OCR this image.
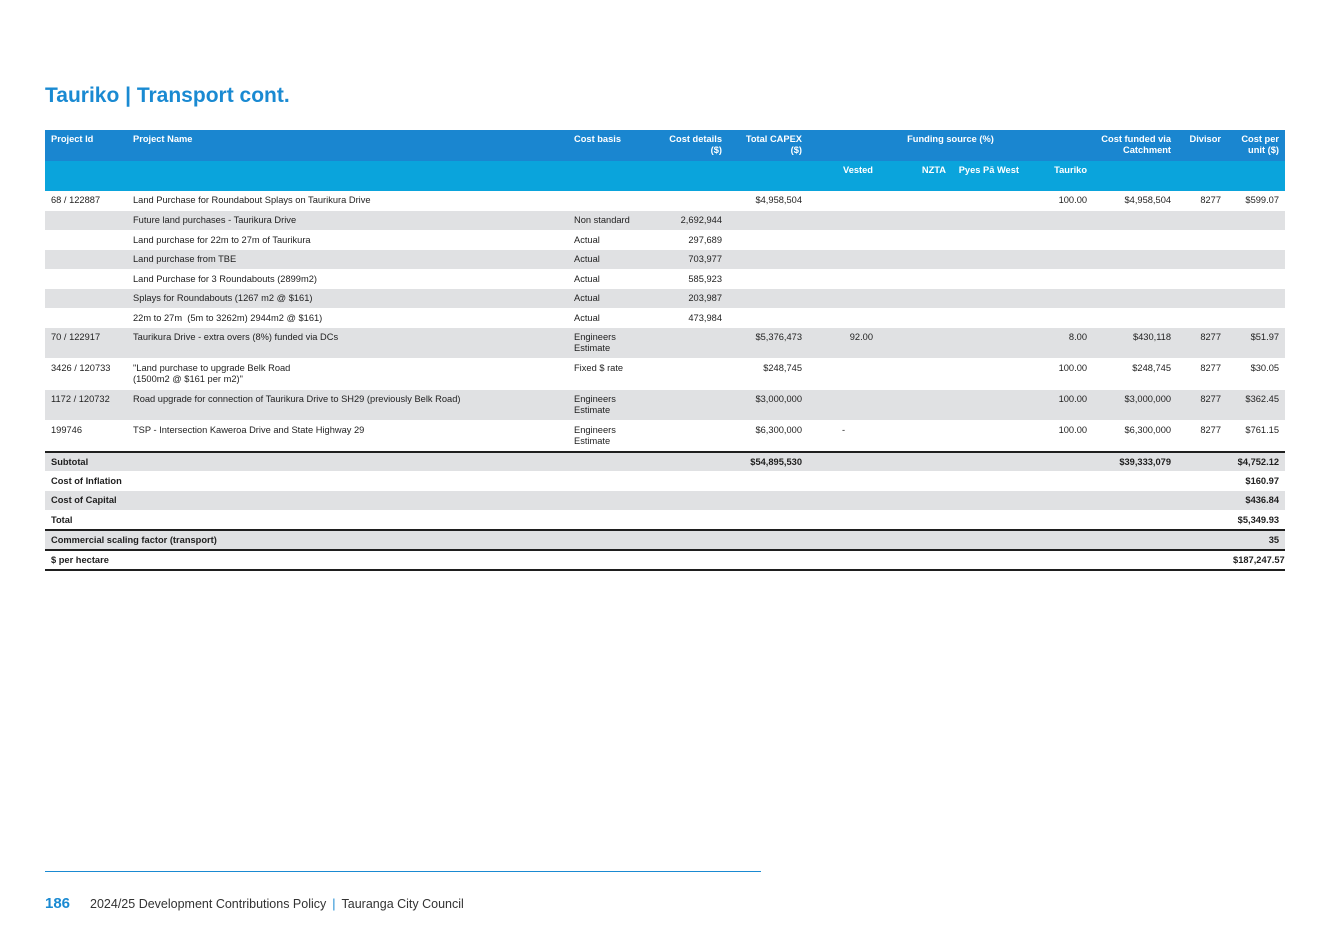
Tauriko | Transport cont.
Project Id	Project Name	Cost basis	Cost details ($)	Total CAPEX ($)	Funding source (%)				Cost funded via Catchment	Divisor	Cost per unit ($)
					Vested	NZTA	Pyes Pā West	Tauriko			
68 / 122887	Land Purchase for Roundabout Splays on Taurikura Drive			$4,958,504				100.00	$4,958,504	8277	$599.07
	Future land purchases - Taurikura Drive	Non standard	2,692,944								
	Land purchase for 22m to 27m of Taurikura	Actual	297,689								
	Land purchase from TBE	Actual	703,977								
	Land Purchase for 3 Roundabouts (2899m2)	Actual	585,923								
	Splays for Roundabouts (1267 m2 @ $161)	Actual	203,987								
	22m to 27m  (5m to 3262m) 2944m2 @ $161)	Actual	473,984								
70 / 122917	Taurikura Drive - extra overs (8%) funded via DCs	Engineers Estimate		$5,376,473	92.00			8.00	$430,118	8277	$51.97
3426 / 120733	"Land purchase to upgrade Belk Road (1500m2 @ $161 per m2)"	Fixed $ rate		$248,745				100.00	$248,745	8277	$30.05
1172 / 120732	Road upgrade for connection of Taurikura Drive to SH29 (previously Belk Road)	Engineers Estimate		$3,000,000				100.00	$3,000,000	8277	$362.45
199746	TSP - Intersection Kaweroa Drive and State Highway 29	Engineers Estimate		$6,300,000	-			100.00	$6,300,000	8277	$761.15
Subtotal				$54,895,530					$39,333,079		$4,752.12
Cost of Inflation											$160.97
Cost of Capital											$436.84
Total											$5,349.93
Commercial scaling factor (transport)											35
$ per hectare											$187,247.57
186 2024/25 Development Contributions Policy | Tauranga City Council
